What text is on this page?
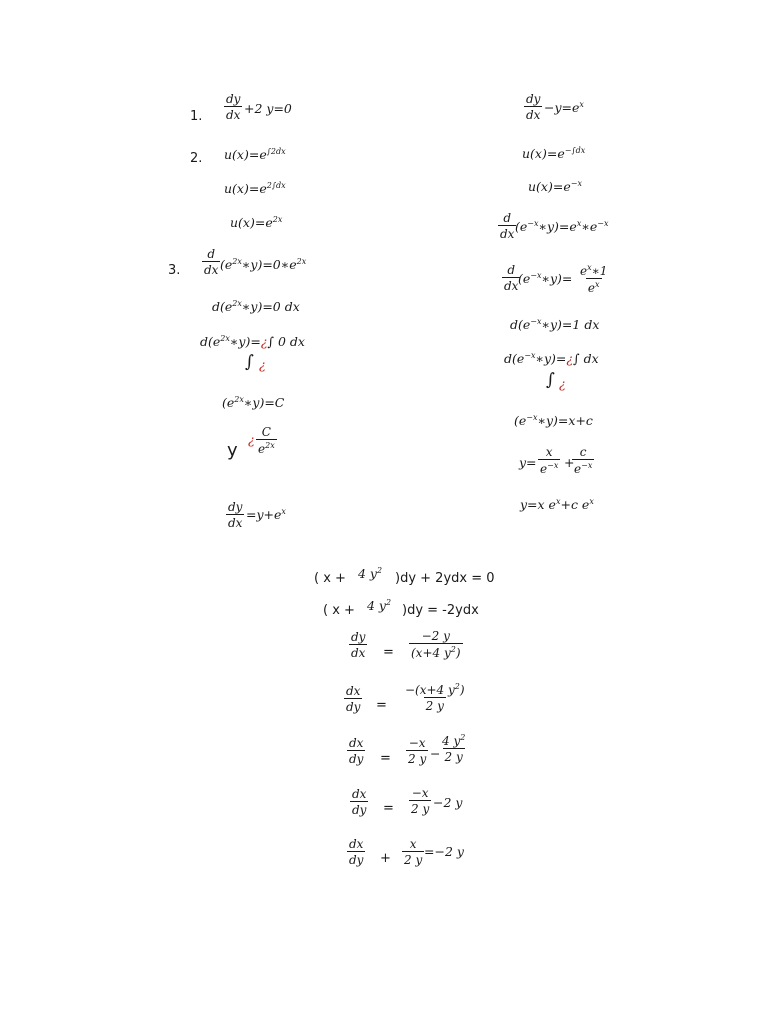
1. $\frac{dy}{dx} +2$ y=0
2. $u(x)=e^{\int 2dx}$
$u(x)=e^{2\int dx}$
$u(x)=e^{2x}$
3. $\frac{d}{dx}$ $(e^{2x}∗y)=0∗e^{2x}$
$d(e^{2x}∗y)=0$ dx
$d(e^{2x}∗y)=¿\int$ 0 dx
∫ ¿
$(e^{2x}∗y)=C$
y
¿ $\frac{C}{e^{2x}}$
$\frac{dy}{dx} =y+e^x$
$\frac{dy}{dx} -y=e^x$
$u(x)=e^{-\int dx}$
$u(x)=e^{-x}$
$\frac{d}{dx}$
$(e^{-x}∗y)=e^x∗e^{-x}$
$\frac{d}{dx}$
$(e^{-x}∗y)= \frac{e^x∗1}{e^x}$
$d(e^{-x}∗y)=1$ dx
$d(e^{-x}∗y)=¿\int$ dx
∫ ¿
$(e^{-x}∗y)=x+c$
$y= \frac{x}{e^{-x}}$ +
$\frac{c}{e^{-x}}$
y=x $e^x+c$ $e^x$
( x + 4 $y^2$
)dy + 2ydx = 0
( x + 4 $y^2$
)dy = -2ydx
$\frac{dy}{dx} = \frac{-2 y}{(x+4 y^2)}$
$\frac{dx}{dy} = \frac{-(x+4 y^2)}{2 y}$
$\frac{dx}{dy} = \frac{-x}{2 y} - \frac{4 y^2}{2 y}$
$\frac{dx}{dy} = \frac{-x}{2 y} -2$ y
$\frac{dx}{dy} + \frac{x}{2 y} =-2$ y
